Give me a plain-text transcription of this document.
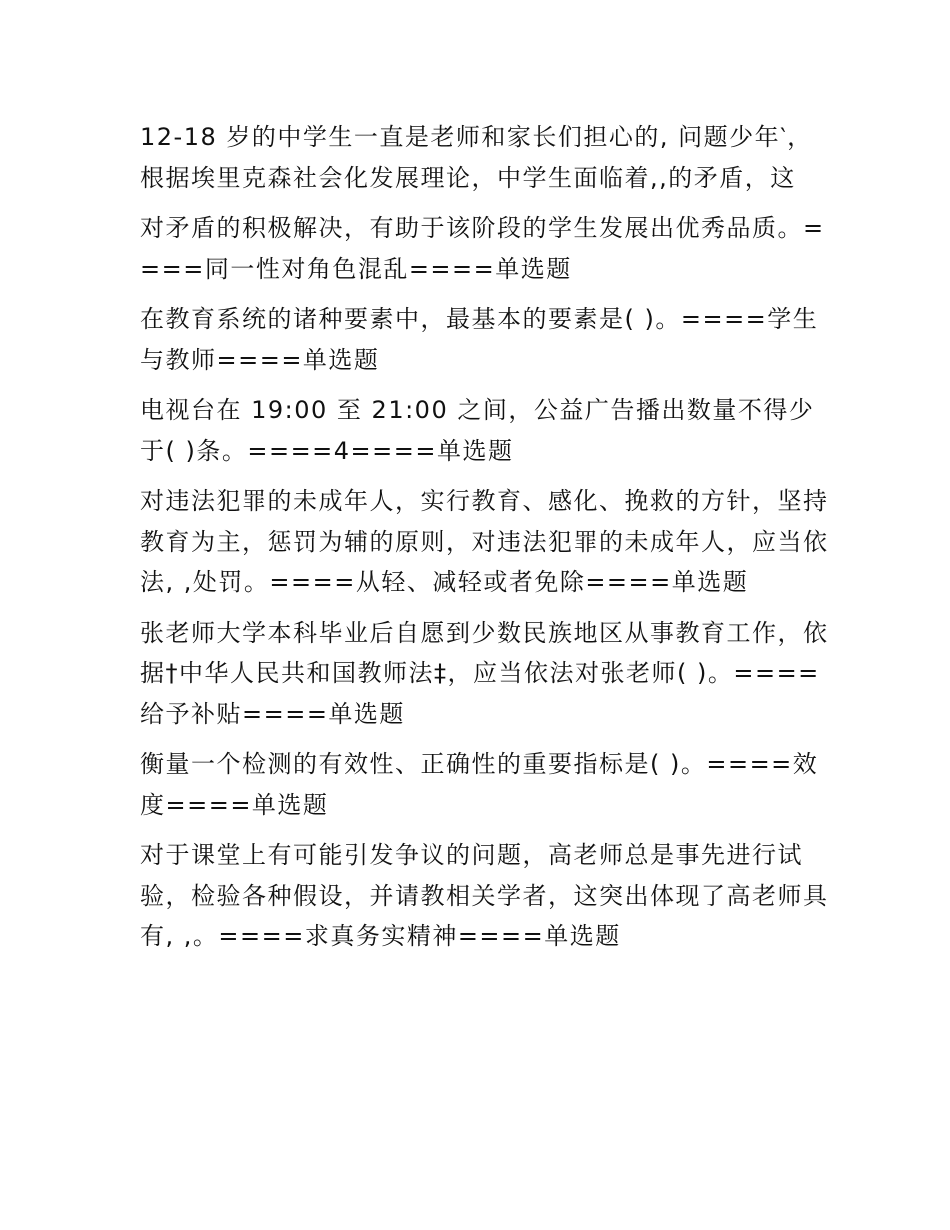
12-18 岁的中学生一直是老师和家长们担心的, 问题少年‵，根据埃里克森社会化发展理论，中学生面临着,,的矛盾，这

对矛盾的积极解决，有助于该阶段的学生发展出优秀品质。====同一性对角色混乱====单选题

在教育系统的诸种要素中，最基本的要素是( )。====学生与教师====单选题

电视台在 19:00 至 21:00 之间，公益广告播出数量不得少于( )条。====4====单选题

对违法犯罪的未成年人，实行教育、感化、挽救的方针，坚持教育为主，惩罚为辅的原则，对违法犯罪的未成年人，应当依法, ,处罚。====从轻、减轻或者免除====单选题

张老师大学本科毕业后自愿到少数民族地区从事教育工作，依据†中华人民共和国教师法‡，应当依法对张老师( )。====给予补贴====单选题

衡量一个检测的有效性、正确性的重要指标是( )。====效度====单选题

对于课堂上有可能引发争议的问题，高老师总是事先进行试验，检验各种假设，并请教相关学者，这突出体现了高老师具有, ,。====求真务实精神====单选题
